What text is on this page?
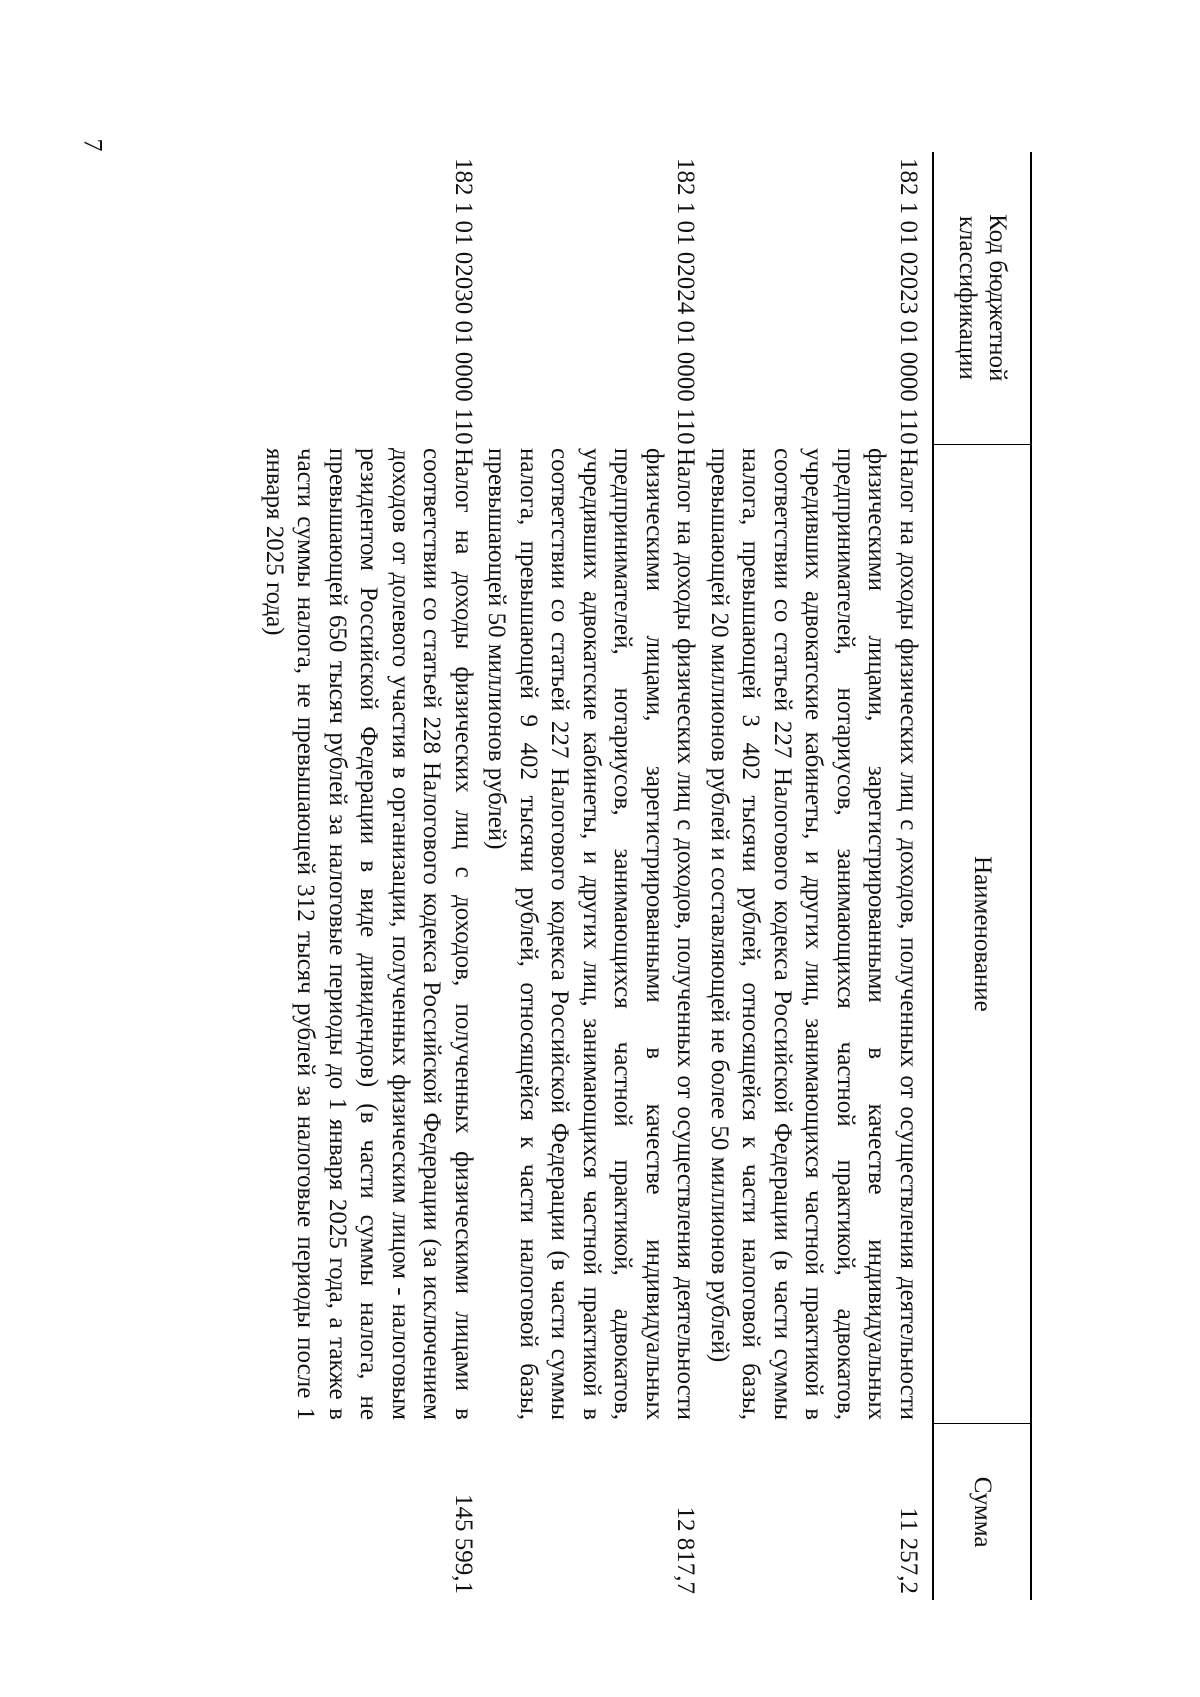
7
Код бюджетной
классификации
Наименование
Сумма
182 1 01 02023 01 0000 110
Налог на доходы физических лиц с доходов, полученных от осуществления деятельности физическими лицами, зарегистрированными в качестве индивидуальных предпринимателей, нотариусов, занимающихся частной практикой, адвокатов, учредивших адвокатские кабинеты, и других лиц, занимающихся частной практикой в соответствии со статьей 227 Налогового кодекса Российской Федерации (в части суммы налога, превышающей 3 402 тысячи рублей, относящейся к части налоговой базы, превышающей 20 миллионов рублей и составляющей не более 50 миллионов рублей)
11 257,2
182 1 01 02024 01 0000 110
Налог на доходы физических лиц с доходов, полученных от осуществления деятельности физическими лицами, зарегистрированными в качестве индивидуальных предпринимателей, нотариусов, занимающихся частной практикой, адвокатов, учредивших адвокатские кабинеты, и других лиц, занимающихся частной практикой в соответствии со статьей 227 Налогового кодекса Российской Федерации (в части суммы налога, превышающей 9 402 тысячи рублей, относящейся к части налоговой базы, превышающей 50 миллионов рублей)
12 817,7
182 1 01 02030 01 0000 110
Налог на доходы физических лиц с доходов, полученных физическими лицами в соответствии со статьей 228 Налогового кодекса Российской Федерации (за исключением доходов от долевого участия в организации, полученных физическим лицом - налоговым резидентом Российской Федерации в виде дивидендов) (в части суммы налога, не превышающей 650 тысяч рублей за налоговые периоды до 1 января 2025 года, а также в части суммы налога, не превышающей 312 тысяч рублей за налоговые периоды после 1 января 2025 года)
145 599,1
